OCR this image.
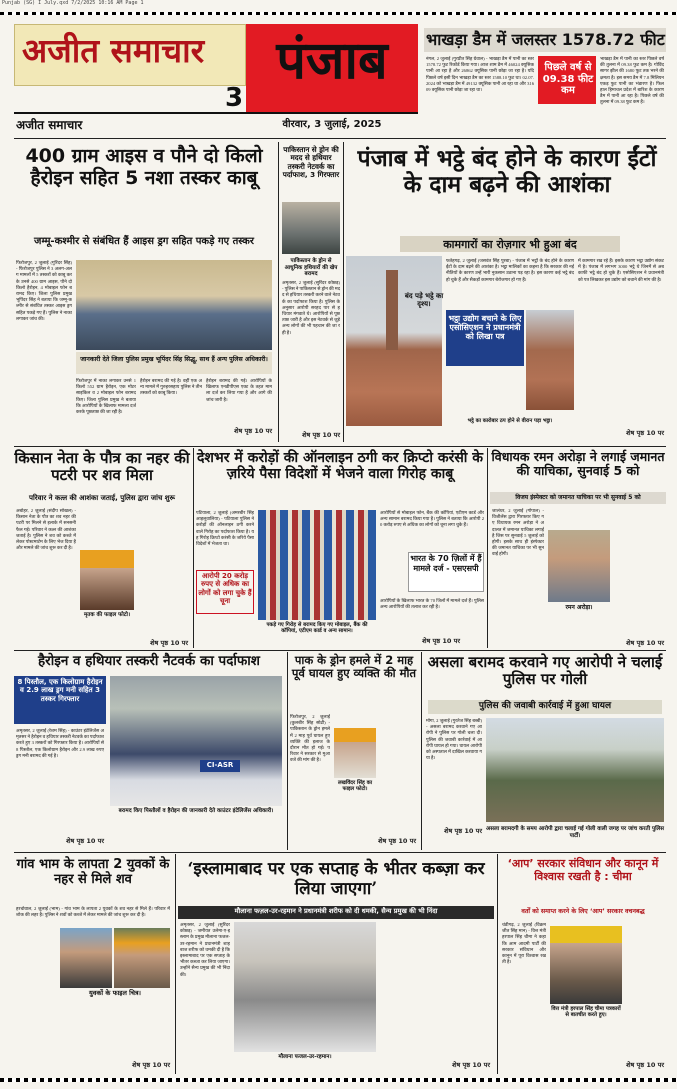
Punjab (SG) I July.qxd 7/2/2025 10:16 AM Page 1
अजीत समाचार	पंजाब
3
अजीत समाचार	वीरवार, 3 जुलाई, 2025
भाखड़ा डैम में जलस्तर 1578.72 फीट
नंगल, 2 जुलाई (गुरप्रीत सिंह ग्रेवाल) - भाखड़ा डैम में पानी का स्तर 1578.72 फुट रिकॉर्ड किया गया। आज शाम डैम में 46024 क्यूसिक पानी आ रहा है और 26862 क्यूसिक पानी छोड़ा जा रहा है। यदि पिछले वर्ष इसी दिन भाखड़ा डैम का स्तर 1588.10 फुट था। 02.07.2024 को भाखड़ा डैम में 49132 क्यूसिक पानी आ रहा था और 31609 क्यूसिक पानी छोड़ा जा रहा था।
पिछले वर्ष से 09.38 फीट कम
भाखड़ा डैम में पानी का स्तर पिछले वर्ष की तुलना में 09.38 फुट कम है। गोविंद सागर झील की 1680 फुट तक भरने की क्षमता है। इस समय डैम में 7.8 मिलियन एकड़ फुट पानी का भंडारण है। फिलहाल हिमाचल प्रदेश में बारिश के कारण डैम में पानी आ रहा है। पिछले वर्ष की तुलना में 09.38 फुट कम है।
400 ग्राम आइस व पौने दो किलो हैरोइन सहित 5 नशा तस्कर काबू
जम्मू-कश्मीर से संबंधित हैं आइस ड्रग सहित पकड़े गए तस्कर
फिरोजपुर, 2 जुलाई (गुरिंदर सिंह) - फिरोजपुर पुलिस ने 3 अलग-अलग मामलों में 5 तस्करों को काबू करके उनसे 400 ग्राम आइस, पौने दो किलो हैरोइन, 4 मोबाइल फोन बरामद किए। जिला पुलिस प्रमुख भूपिंदर सिंह ने बताया कि जम्मू-कश्मीर से संबंधित तस्कर आइस ड्रग सहित पकड़े गए हैं। पुलिस ने नाका लगाकर जांच की।
जानकारी देते जिला पुलिस प्रमुख भूपिंदर सिंह सिद्धू, साथ हैं अन्य पुलिस अधिकारी।
फिरोजपुर में नाका लगाकर उनसे 1 किलो 552 ग्राम हैरोइन, एक मोटरसाइकिल व 2 मोबाइल फोन बरामद किए। जिला पुलिस प्रमुख ने बताया कि आरोपियों के खिलाफ मामला दर्ज करके पूछताछ की जा रही है।
हैरोइन बरामद की गई है। वहीं एक अन्य मामले में गुरुहरसहाय पुलिस ने तीन तस्करों को काबू किया।
हैरोइन बरामद की गई। आरोपियों के खिलाफ एनडीपीएस एक्ट के तहत मामला दर्ज कर लिया गया है और आगे की जांच जारी है।
शेष पृष्ठ 10 पर
पाकिस्तान से ड्रोन की मदद से हथियार तस्करी नेटवर्क का पर्दाफाश, 3 गिरफ्तार
पाकिस्तान के ड्रोन से आधुनिक हथियारों की खेप बरामद
अमृतसर, 2 जुलाई (सुरिंदर कोछड़) - पुलिस ने पाकिस्तान से ड्रोन की मदद से हथियार तस्करी करने वाले नेटवर्क का पर्दाफाश किया है। पुलिस के अनुसार आरोपी सरहद पार से हथियार मंगवाते थे। आरोपियों से पूछताछ जारी है और इस नेटवर्क से जुड़े अन्य लोगों की भी पहचान की जा रही है।
शेष पृष्ठ 10 पर
पंजाब में भट्ठे बंद होने के कारण ईंटों के दाम बढ़ने की आशंका
कामगारों का रोज़गार भी हुआ बंद
बंद पड़े भट्ठे का दृश्य।
फतेहगढ़, 2 जुलाई (जसवंत सिंह पुरबा) - पंजाब में भट्ठों के बंद होने के कारण ईंटों के दाम बढ़ने की आशंका है। भट्ठा मालिकों का कहना है कि सरकार की नई नीतियों के कारण उन्हें भारी नुकसान उठाना पड़ रहा है। इस कारण कई भट्ठे बंद हो चुके हैं और सैकड़ों कामगार बेरोजगार हो गए हैं।
भट्ठा उद्योग बचाने के लिए एसोसिएशन ने प्रधानमंत्री को लिखा पत्र
में कामगार रख रहे हैं। इसके कारण भट्ठा उद्योग संकट में है। पंजाब में लगभग 3000 भट्ठे थे जिनमें से अब काफी भट्ठे बंद हो चुके हैं। एसोसिएशन ने प्रधानमंत्री को पत्र लिखकर इस उद्योग को बचाने की मांग की है।
भट्ठे का कारोबार ठप होने से वीरान पड़ा भट्ठा।
शेष पृष्ठ 10 पर
किसान नेता के पौत्र का नहर की पटरी पर शव मिला
परिवार ने कत्ल की आशंका जताई, पुलिस द्वारा जांच शुरू
अबोहर, 2 जुलाई (संदीप सोखल) - किसान नेता के पौत्र का शव नहर की पटरी पर मिलने से इलाके में सनसनी फैल गई। परिवार ने कत्ल की आशंका जताई है। पुलिस ने शव को कब्जे में लेकर पोस्टमार्टम के लिए भेज दिया है और मामले की जांच शुरू कर दी है।
मृतक की फाइल फोटो।
शेष पृष्ठ 10 पर
देशभर में करोड़ों की ऑनलाइन ठगी कर क्रिप्टो करंसी के ज़रिये पैसा विदेशों में भेजने वाला गिरोह काबू
पटियाला, 2 जुलाई (अमरबीर सिंह आहलूवालिया) - पटियाला पुलिस ने करोड़ों की ऑनलाइन ठगी करने वाले गिरोह का पर्दाफाश किया है। यह गिरोह क्रिप्टो करंसी के जरिये पैसा विदेशों में भेजता था।
आरोपी 20 करोड़ रुपए से अधिक का लोगों को लगा चुके हैं चूना
पकड़े गए गिरोह से बरामद किए गए मोबाइल, बैंक की कॉपियां, एटीएम कार्ड व अन्य सामान।
आरोपियों से मोबाइल फोन, बैंक की कॉपियां, एटीएम कार्ड और अन्य सामान बरामद किया गया है। पुलिस ने बताया कि आरोपी 20 करोड़ रुपए से अधिक का लोगों को चूना लगा चुके हैं।
भारत के 70 ज़िलों में हैं मामले दर्ज - एसएसपी
आरोपियों के खिलाफ भारत के 70 जिलों में मामले दर्ज हैं। पुलिस अन्य आरोपियों की तलाश कर रही है।
शेष पृष्ठ 10 पर
विधायक रमन अरोड़ा ने लगाई जमानत की याचिका, सुनवाई 5 को
विजय इंस्पेक्टर को जमानत याचिका पर भी सुनवाई 5 को
जालंधर, 2 जुलाई (गोपाल) - विजीलेंस द्वारा गिरफ्तार किए गए विधायक रमन अरोड़ा ने अदालत में जमानत याचिका लगाई है जिस पर सुनवाई 5 जुलाई को होगी। इसके साथ ही इंस्पेक्टर की जमानत याचिका पर भी सुनवाई होगी।
रमन अरोड़ा।
शेष पृष्ठ 10 पर
हैरोइन व हथियार तस्करी नैटवर्क का पर्दाफाश
8 पिस्तौल, एक किलोग्राम हैरोइन व 2.9 लाख ड्रग मनी सहित 3 तस्कर गिरफ्तार
अमृतसर, 2 जुलाई (रेशम सिंह) - काउंटर इंटेलिजेंस अमृतसर ने हैरोइन व हथियार तस्करी नेटवर्क का पर्दाफाश करते हुए 3 तस्करों को गिरफ्तार किया है। आरोपियों से 8 पिस्तौल, एक किलोग्राम हैरोइन और 2.9 लाख रुपए ड्रग मनी बरामद की गई है।
CI-ASR
बरामद किए पिस्तौलों व हैरोइन की जानकारी देते काउंटर इंटेलिजेंस अधिकारी।
शेष पृष्ठ 10 पर
पाक के ड्रोन हमले में 2 माह पूर्व घायल हुए व्यक्ति की मौत
फिरोजपुर, 2 जुलाई (कुलबीर सिंह सोढी) - पाकिस्तान के ड्रोन हमले में 2 माह पूर्व घायल हुए व्यक्ति की इलाज के दौरान मौत हो गई। परिवार ने सरकार से मुआवजे की मांग की है।
लखविंदर सिंह का फाइल फोटो।
शेष पृष्ठ 10 पर
असला बरामद करवाने गए आरोपी ने चलाई पुलिस पर गोली
पुलिस की जवाबी कार्रवाई में हुआ घायल
मोगा, 2 जुलाई (गुरतेज सिंह बब्बी) - असला बरामद करवाने गए आरोपी ने पुलिस पर गोली चला दी। पुलिस की जवाबी कार्रवाई में आरोपी घायल हो गया। घायल आरोपी को अस्पताल में दाखिल करवाया गया है।
असला बरामदगी के समय आरोपी द्वारा चलाई गई गोली वाली जगह पर जांच करती पुलिस पार्टी।
शेष पृष्ठ 10 पर
गांव भाम के लापता 2 युवकों के नहर से मिले शव
हरचोवाल, 2 जुलाई (भाम) - गांव भाम के लापता 2 युवकों के शव नहर से मिले हैं। परिवार में शोक की लहर है। पुलिस ने शवों को कब्जे में लेकर मामले की जांच शुरू कर दी है।
युवकों के फाइल चित्र।
शेष पृष्ठ 10 पर
‘इस्लामाबाद पर एक सप्ताह के भीतर कब्ज़ा कर लिया जाएगा’
मौलाना फज़ल-उर-रहमान ने प्रधानमंत्री शरीफ को दी धमकी, सैन्य प्रमुख की भी निंदा
अमृतसर, 2 जुलाई (सुरिंदर कोछड़) - जमीयत उलेमा-ए-इस्लाम के प्रमुख मौलाना फजल-उर-रहमान ने प्रधानमंत्री शाहबाज शरीफ को धमकी दी है कि इस्लामाबाद पर एक सप्ताह के भीतर कब्जा कर लिया जाएगा। उन्होंने सैन्य प्रमुख की भी निंदा की।
मौलाना फजल-उर-रहमान।
शेष पृष्ठ 10 पर
‘आप’ सरकार संविधान और कानून में विश्वास रखती है : चीमा
वर्तों को समाप्त करने के लिए ‘आप’ सरकार वचनबद्ध
चंडीगढ़, 2 जुलाई (विक्रमजीत सिंह मान) - वित्त मंत्री हरपाल सिंह चीमा ने कहा कि आम आदमी पार्टी की सरकार संविधान और कानून में पूरा विश्वास रखती है।
वित्त मंत्री हरपाल सिंह चीमा पत्रकारों से बातचीत करते हुए।
शेष पृष्ठ 10 पर
